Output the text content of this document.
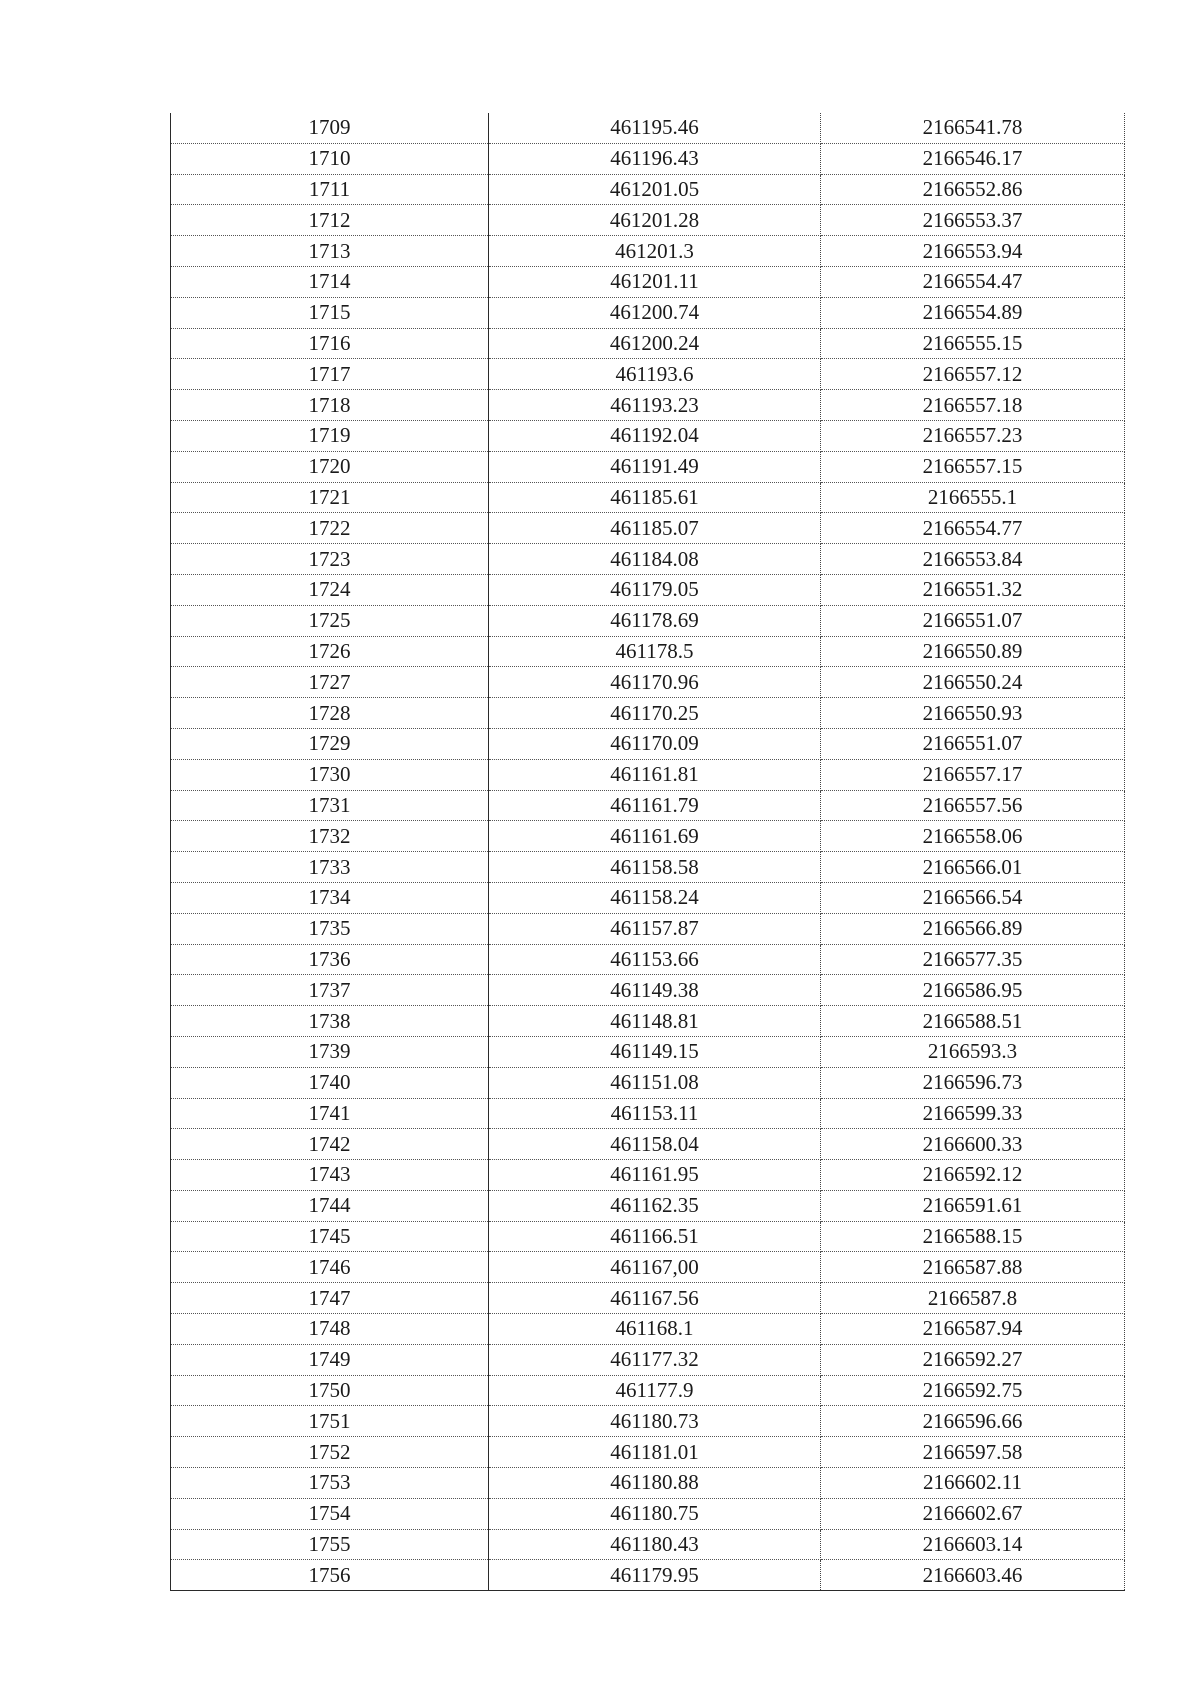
1709	461195.46	2166541.78
1710	461196.43	2166546.17
1711	461201.05	2166552.86
1712	461201.28	2166553.37
1713	461201.3	2166553.94
1714	461201.11	2166554.47
1715	461200.74	2166554.89
1716	461200.24	2166555.15
1717	461193.6	2166557.12
1718	461193.23	2166557.18
1719	461192.04	2166557.23
1720	461191.49	2166557.15
1721	461185.61	2166555.1
1722	461185.07	2166554.77
1723	461184.08	2166553.84
1724	461179.05	2166551.32
1725	461178.69	2166551.07
1726	461178.5	2166550.89
1727	461170.96	2166550.24
1728	461170.25	2166550.93
1729	461170.09	2166551.07
1730	461161.81	2166557.17
1731	461161.79	2166557.56
1732	461161.69	2166558.06
1733	461158.58	2166566.01
1734	461158.24	2166566.54
1735	461157.87	2166566.89
1736	461153.66	2166577.35
1737	461149.38	2166586.95
1738	461148.81	2166588.51
1739	461149.15	2166593.3
1740	461151.08	2166596.73
1741	461153.11	2166599.33
1742	461158.04	2166600.33
1743	461161.95	2166592.12
1744	461162.35	2166591.61
1745	461166.51	2166588.15
1746	461167,00	2166587.88
1747	461167.56	2166587.8
1748	461168.1	2166587.94
1749	461177.32	2166592.27
1750	461177.9	2166592.75
1751	461180.73	2166596.66
1752	461181.01	2166597.58
1753	461180.88	2166602.11
1754	461180.75	2166602.67
1755	461180.43	2166603.14
1756	461179.95	2166603.46
